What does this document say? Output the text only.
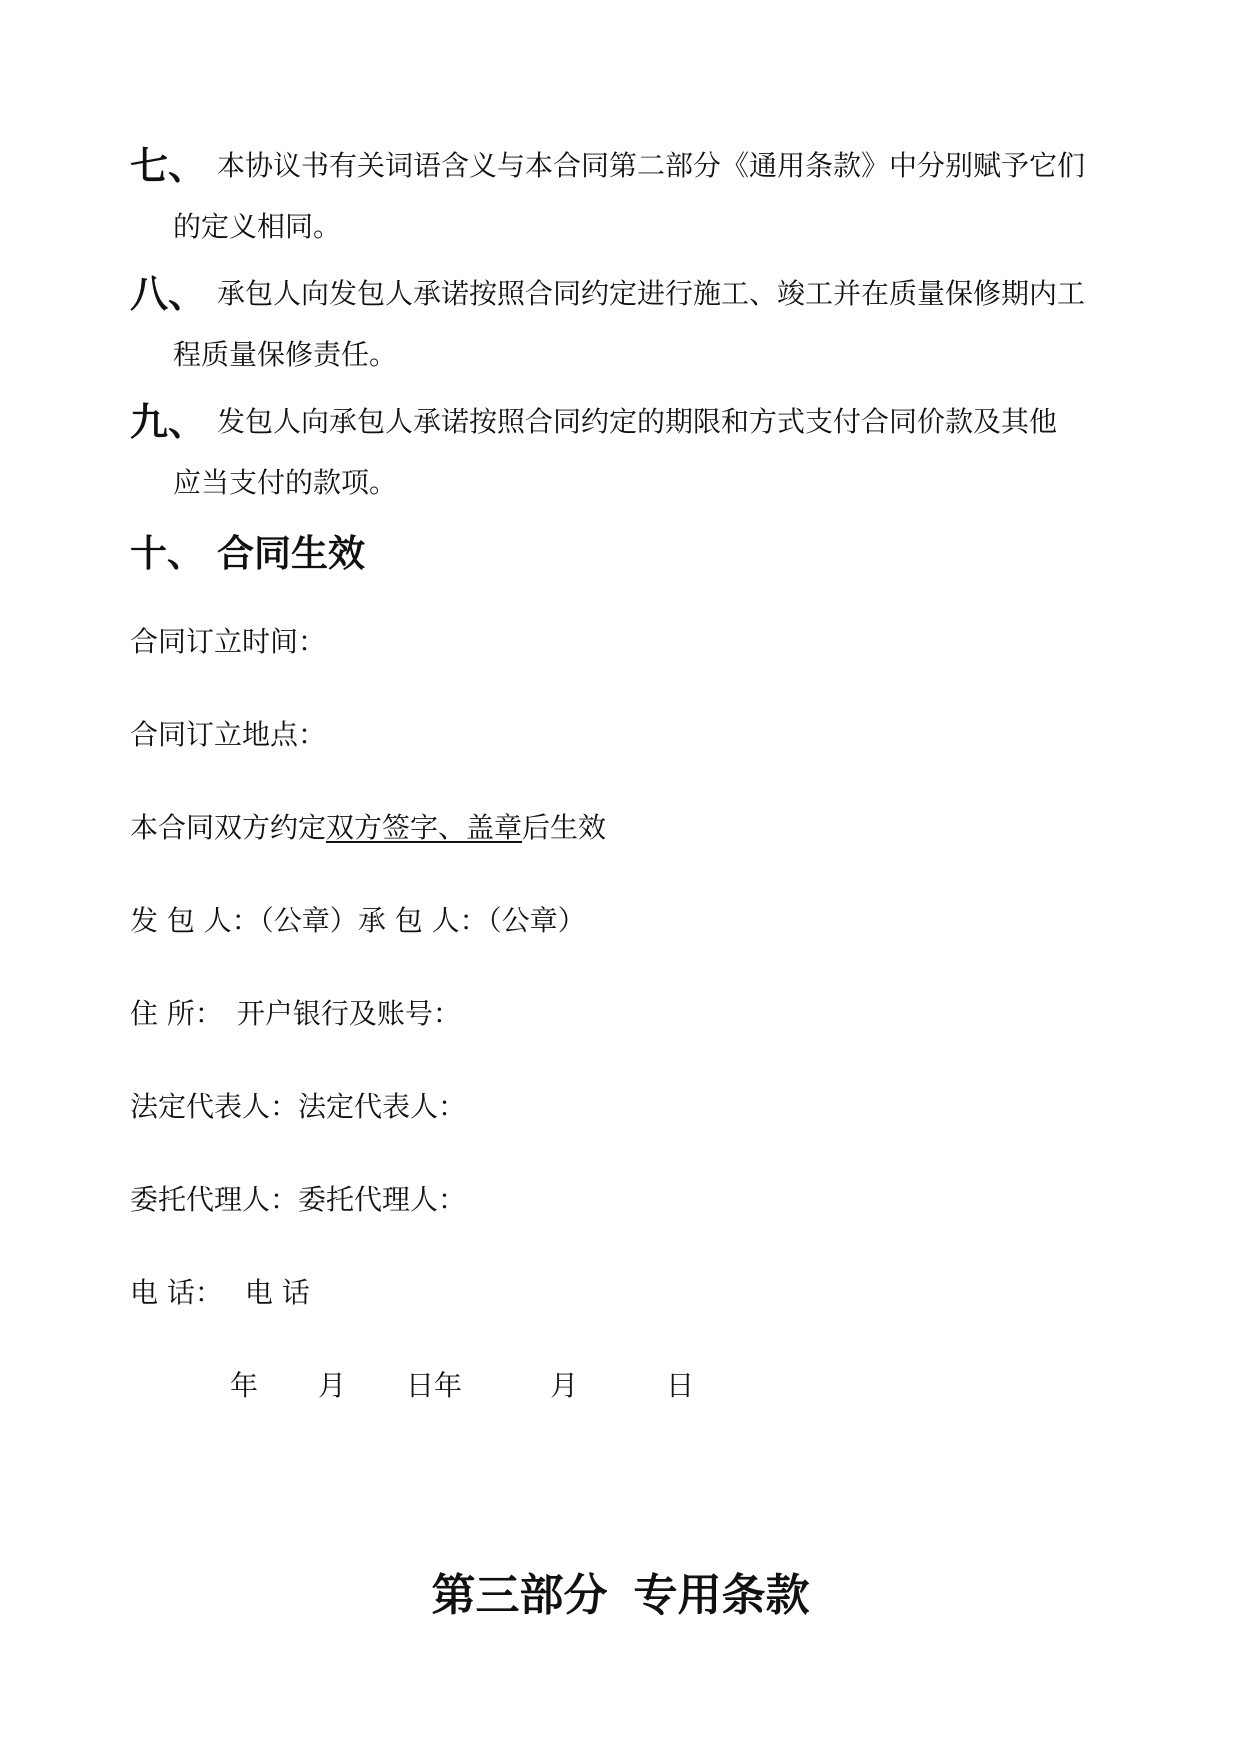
七、 本协议书有关词语含义与本合同第二部分《通用条款》中分别赋予它们
的定义相同。
八、 承包人向发包人承诺按照合同约定进行施工、竣工并在质量保修期内工
程质量保修责任。
九、 发包人向承包人承诺按照合同约定的期限和方式支付合同价款及其他
应当支付的款项。
十、 合同生效
合同订立时间：
合同订立地点：
本合同双方约定双方签字、盖章后生效
发 包 人：（公章）承 包 人：（公章）
住 所： 开户银行及账号：
法定代表人：法定代表人：
委托代理人：委托代理人：
电 话： 电 话
年 月 日年	月	日
第三部分 专用条款
